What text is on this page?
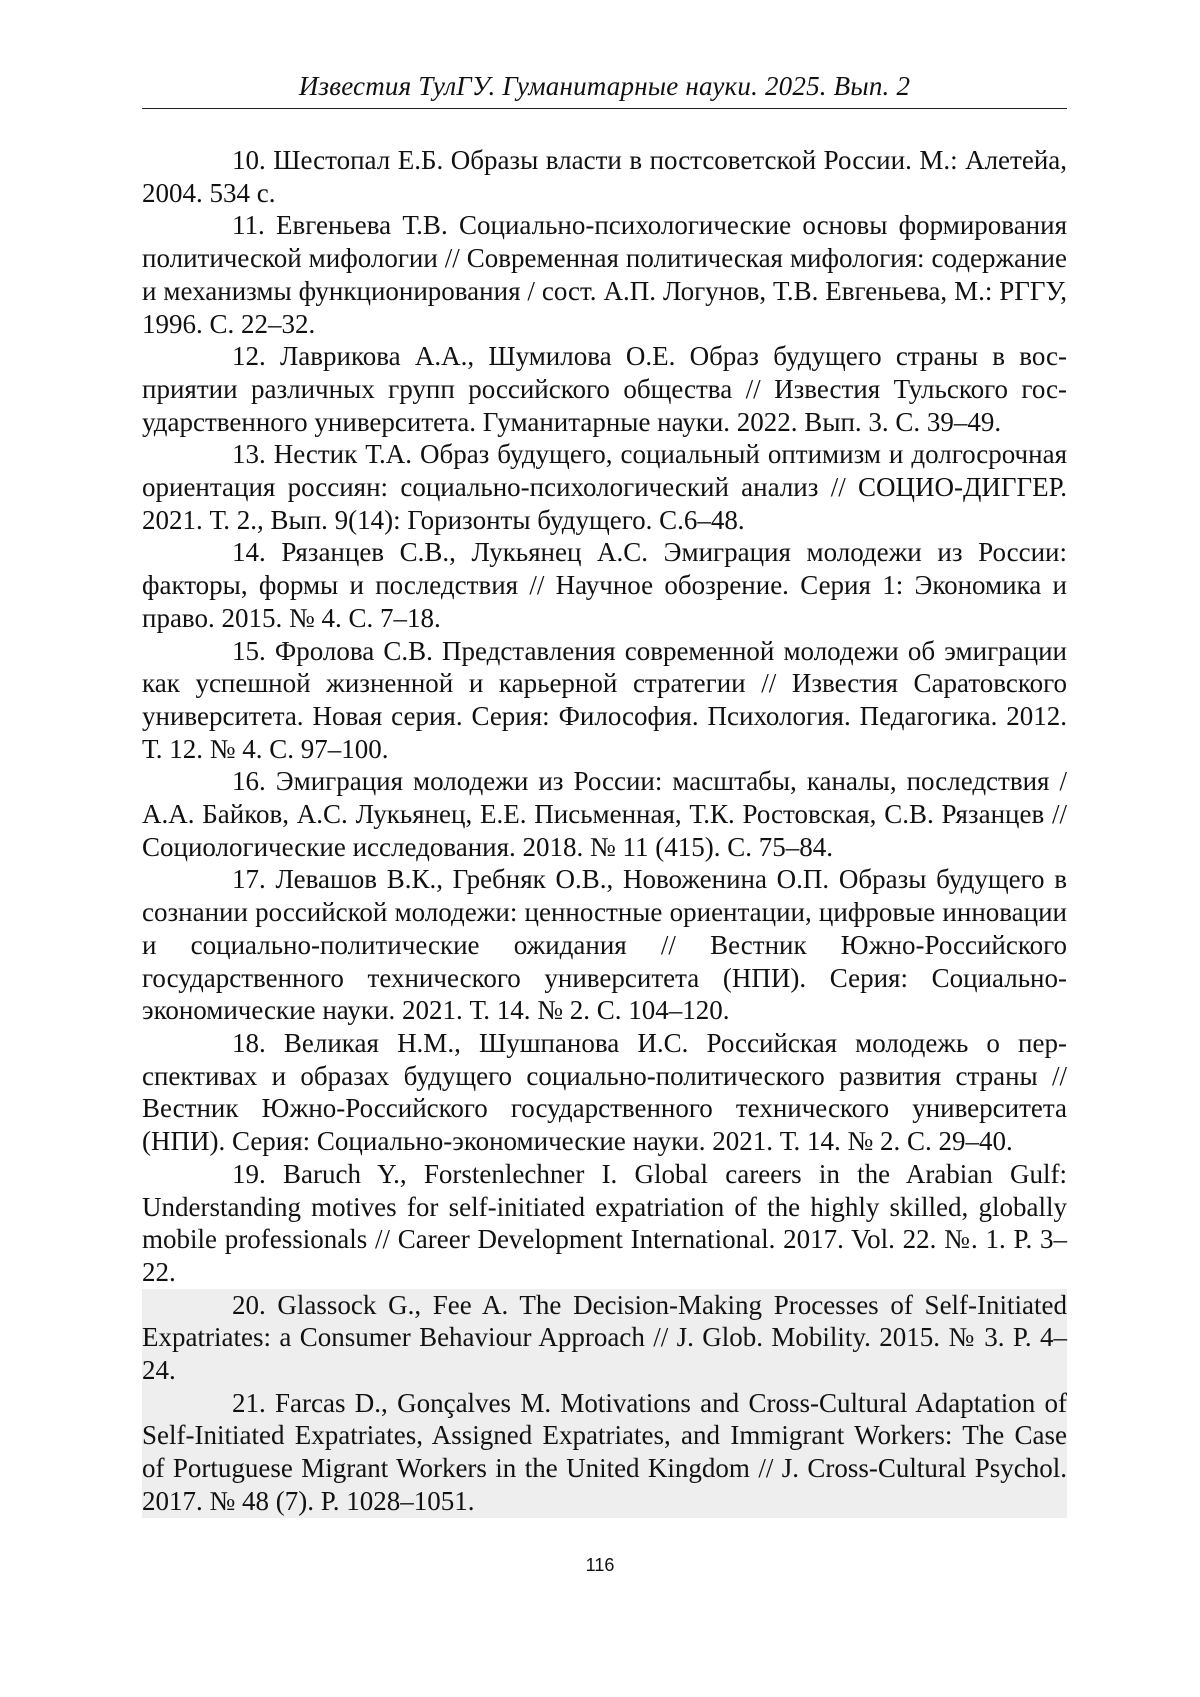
Известия ТулГУ. Гуманитарные науки. 2025. Вып. 2

10. Шестопал Е.Б. Образы власти в постсоветской России. М.: Алетейа, 2004. 534 с.

11. Евгеньева Т.В. Социально-психологические основы формирования политической мифологии // Современная политическая мифология: содержание и механизмы функционирования / сост. А.П. Логунов, Т.В. Евгеньева, М.: РГГУ, 1996. С. 22–32.

12. Лаврикова А.А., Шумилова О.Е. Образ будущего страны в восприятии различных групп российского общества // Известия Тульского государственного университета. Гуманитарные науки. 2022. Вып. 3. С. 39–49.

13. Нестик Т.А. Образ будущего, социальный оптимизм и долгосрочная ориентация россиян: социально-психологический анализ // СОЦИО-ДИГГЕР. 2021. Т. 2., Вып. 9(14): Горизонты будущего. С.6–48.

14. Рязанцев С.В., Лукьянец А.С. Эмиграция молодежи из России: факторы, формы и последствия // Научное обозрение. Серия 1: Экономика и право. 2015. № 4. С. 7–18.

15. Фролова С.В. Представления современной молодежи об эмиграции как успешной жизненной и карьерной стратегии // Известия Саратовского университета. Новая серия. Серия: Философия. Психология. Педагогика. 2012. Т. 12. № 4. С. 97–100.

16. Эмиграция молодежи из России: масштабы, каналы, последствия / А.А. Байков, А.С. Лукьянец, Е.Е. Письменная, Т.К. Ростовская, С.В. Рязанцев // Социологические исследования. 2018. № 11 (415). С. 75–84.

17. Левашов В.К., Гребняк О.В., Новоженина О.П. Образы будущего в сознании российской молодежи: ценностные ориентации, цифровые инновации и социально-политические ожидания // Вестник Южно-Российского государственного технического университета (НПИ). Серия: Социально-экономические науки. 2021. Т. 14. № 2. С. 104–120.

18. Великая Н.М., Шушпанова И.С. Российская молодежь о перспективах и образах будущего социально-политического развития страны // Вестник Южно-Российского государственного технического университета (НПИ). Серия: Социально-экономические науки. 2021. Т. 14. № 2. С. 29–40.

19. Baruch Y., Forstenlechner I. Global careers in the Arabian Gulf: Understanding motives for self-initiated expatriation of the highly skilled, globally mobile professionals // Career Development International. 2017. Vol. 22. №. 1. P. 3–22.

20. Glassock G., Fee A. The Decision-Making Processes of Self-Initiated Expatriates: a Consumer Behaviour Approach // J. Glob. Mobility. 2015. № 3. P. 4–24.

21. Farcas D., Gonçalves M. Motivations and Cross-Cultural Adaptation of Self-Initiated Expatriates, Assigned Expatriates, and Immigrant Workers: The Case of Portuguese Migrant Workers in the United Kingdom // J. Cross-Cultural Psychol. 2017. № 48 (7). P. 1028–1051.

116
